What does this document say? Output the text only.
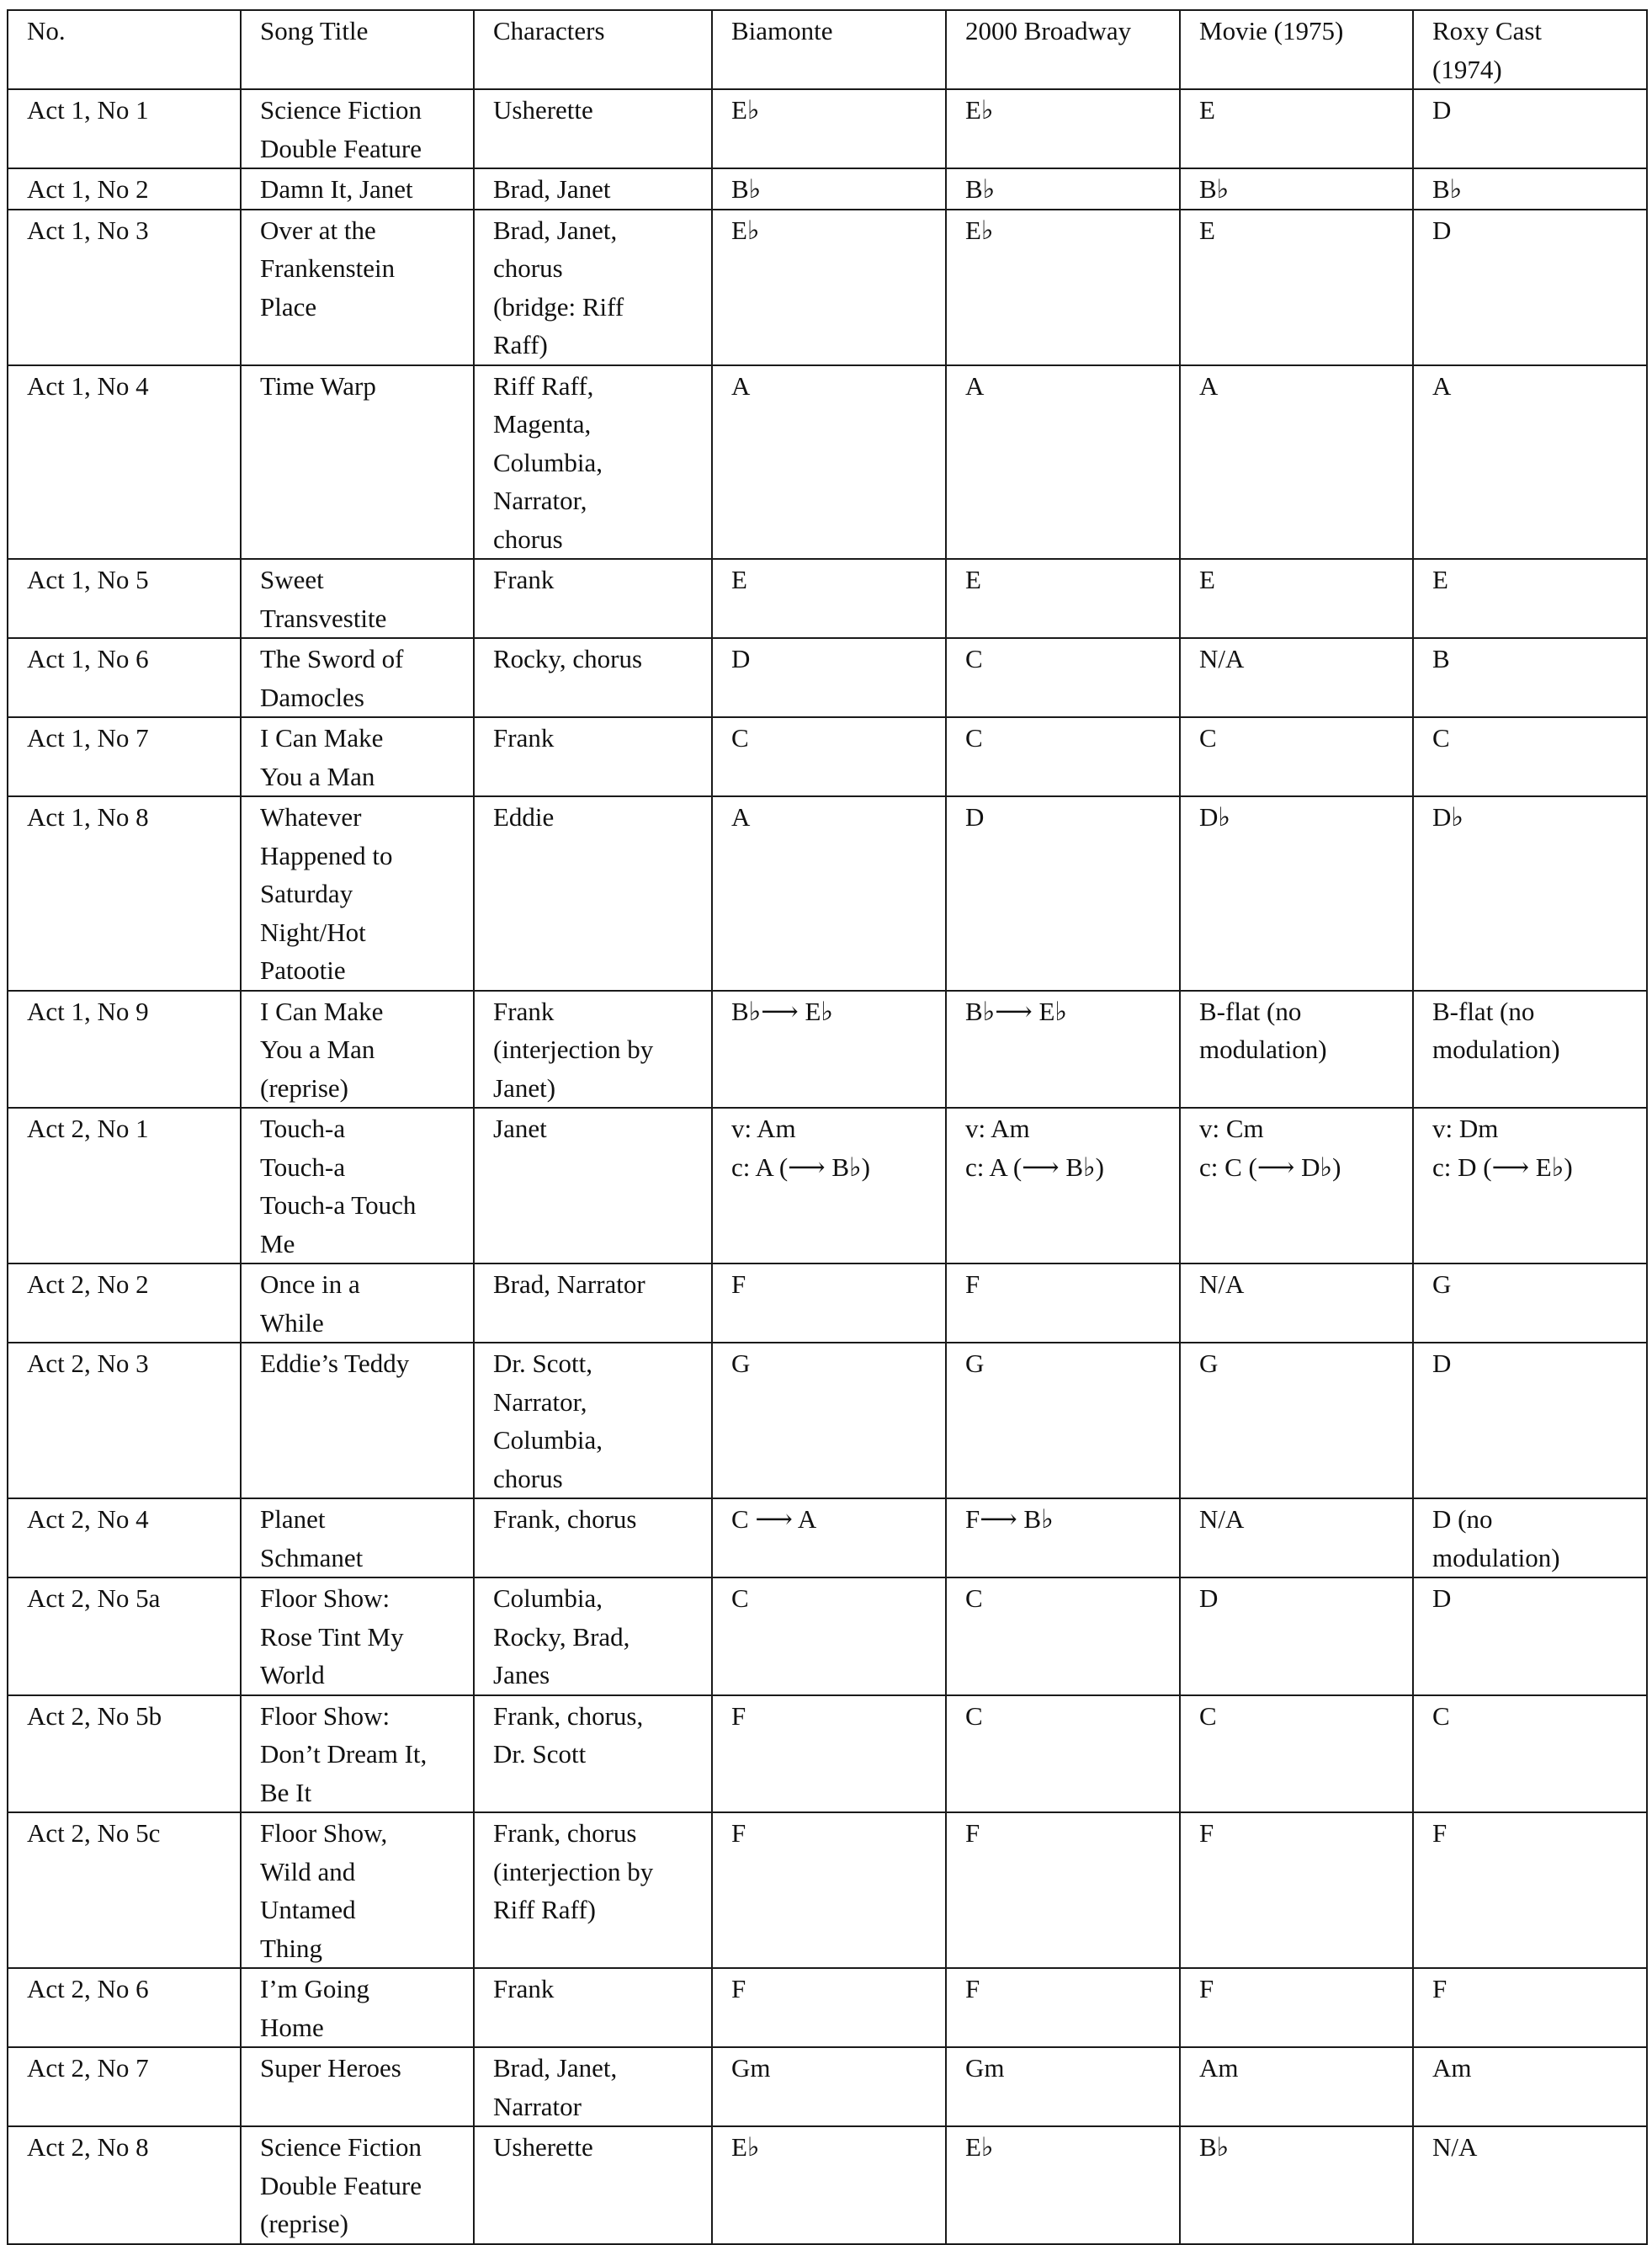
No.	Song Title	Characters	Biamonte	2000 Broadway	Movie (1975)	Roxy Cast
(1974)

Act 1, No 1	Science Fiction
Double Feature	Usherette	E♭	E♭	E	D

Act 1, No 2	Damn It, Janet	Brad, Janet	B♭	B♭	B♭	B♭

Act 1, No 3	Over at the
Frankenstein
Place	Brad, Janet,
chorus
(bridge: Riff
Raff)	E♭	E♭	E	D

Act 1, No 4	Time Warp	Riff Raff,
Magenta,
Columbia,
Narrator,
chorus	A	A	A	A

Act 1, No 5	Sweet
Transvestite	Frank	E	E	E	E

Act 1, No 6	The Sword of
Damocles	Rocky, chorus	D	C	N/A	B

Act 1, No 7	I Can Make
You a Man	Frank	C	C	C	C

Act 1, No 8	Whatever
Happened to
Saturday
Night/Hot
Patootie	Eddie	A	D	D♭	D♭

Act 1, No 9	I Can Make
You a Man
(reprise)	Frank
(interjection by
Janet)	B♭⟶ E♭	B♭⟶ E♭	B-flat (no
modulation)	B-flat (no
modulation)

Act 2, No 1	Touch-a
Touch-a
Touch-a Touch
Me	Janet	v: Am
c: A (⟶ B♭)	v: Am
c: A (⟶ B♭)	v: Cm
c: C (⟶ D♭)	v: Dm
c: D (⟶ E♭)

Act 2, No 2	Once in a
While	Brad, Narrator	F	F	N/A	G

Act 2, No 3	Eddie’s Teddy	Dr. Scott,
Narrator,
Columbia,
chorus	G	G	G	D

Act 2, No 4	Planet
Schmanet	Frank, chorus	C ⟶ A	F⟶ B♭	N/A	D (no
modulation)

Act 2, No 5a	Floor Show:
Rose Tint My
World	Columbia,
Rocky, Brad,
Janes	C	C	D	D

Act 2, No 5b	Floor Show:
Don’t Dream It,
Be It	Frank, chorus,
Dr. Scott	F	C	C	C

Act 2, No 5c	Floor Show,
Wild and
Untamed
Thing	Frank, chorus
(interjection by
Riff Raff)	F	F	F	F

Act 2, No 6	I’m Going
Home	Frank	F	F	F	F

Act 2, No 7	Super Heroes	Brad, Janet,
Narrator	Gm	Gm	Am	Am

Act 2, No 8	Science Fiction
Double Feature
(reprise)	Usherette	E♭	E♭	B♭	N/A
